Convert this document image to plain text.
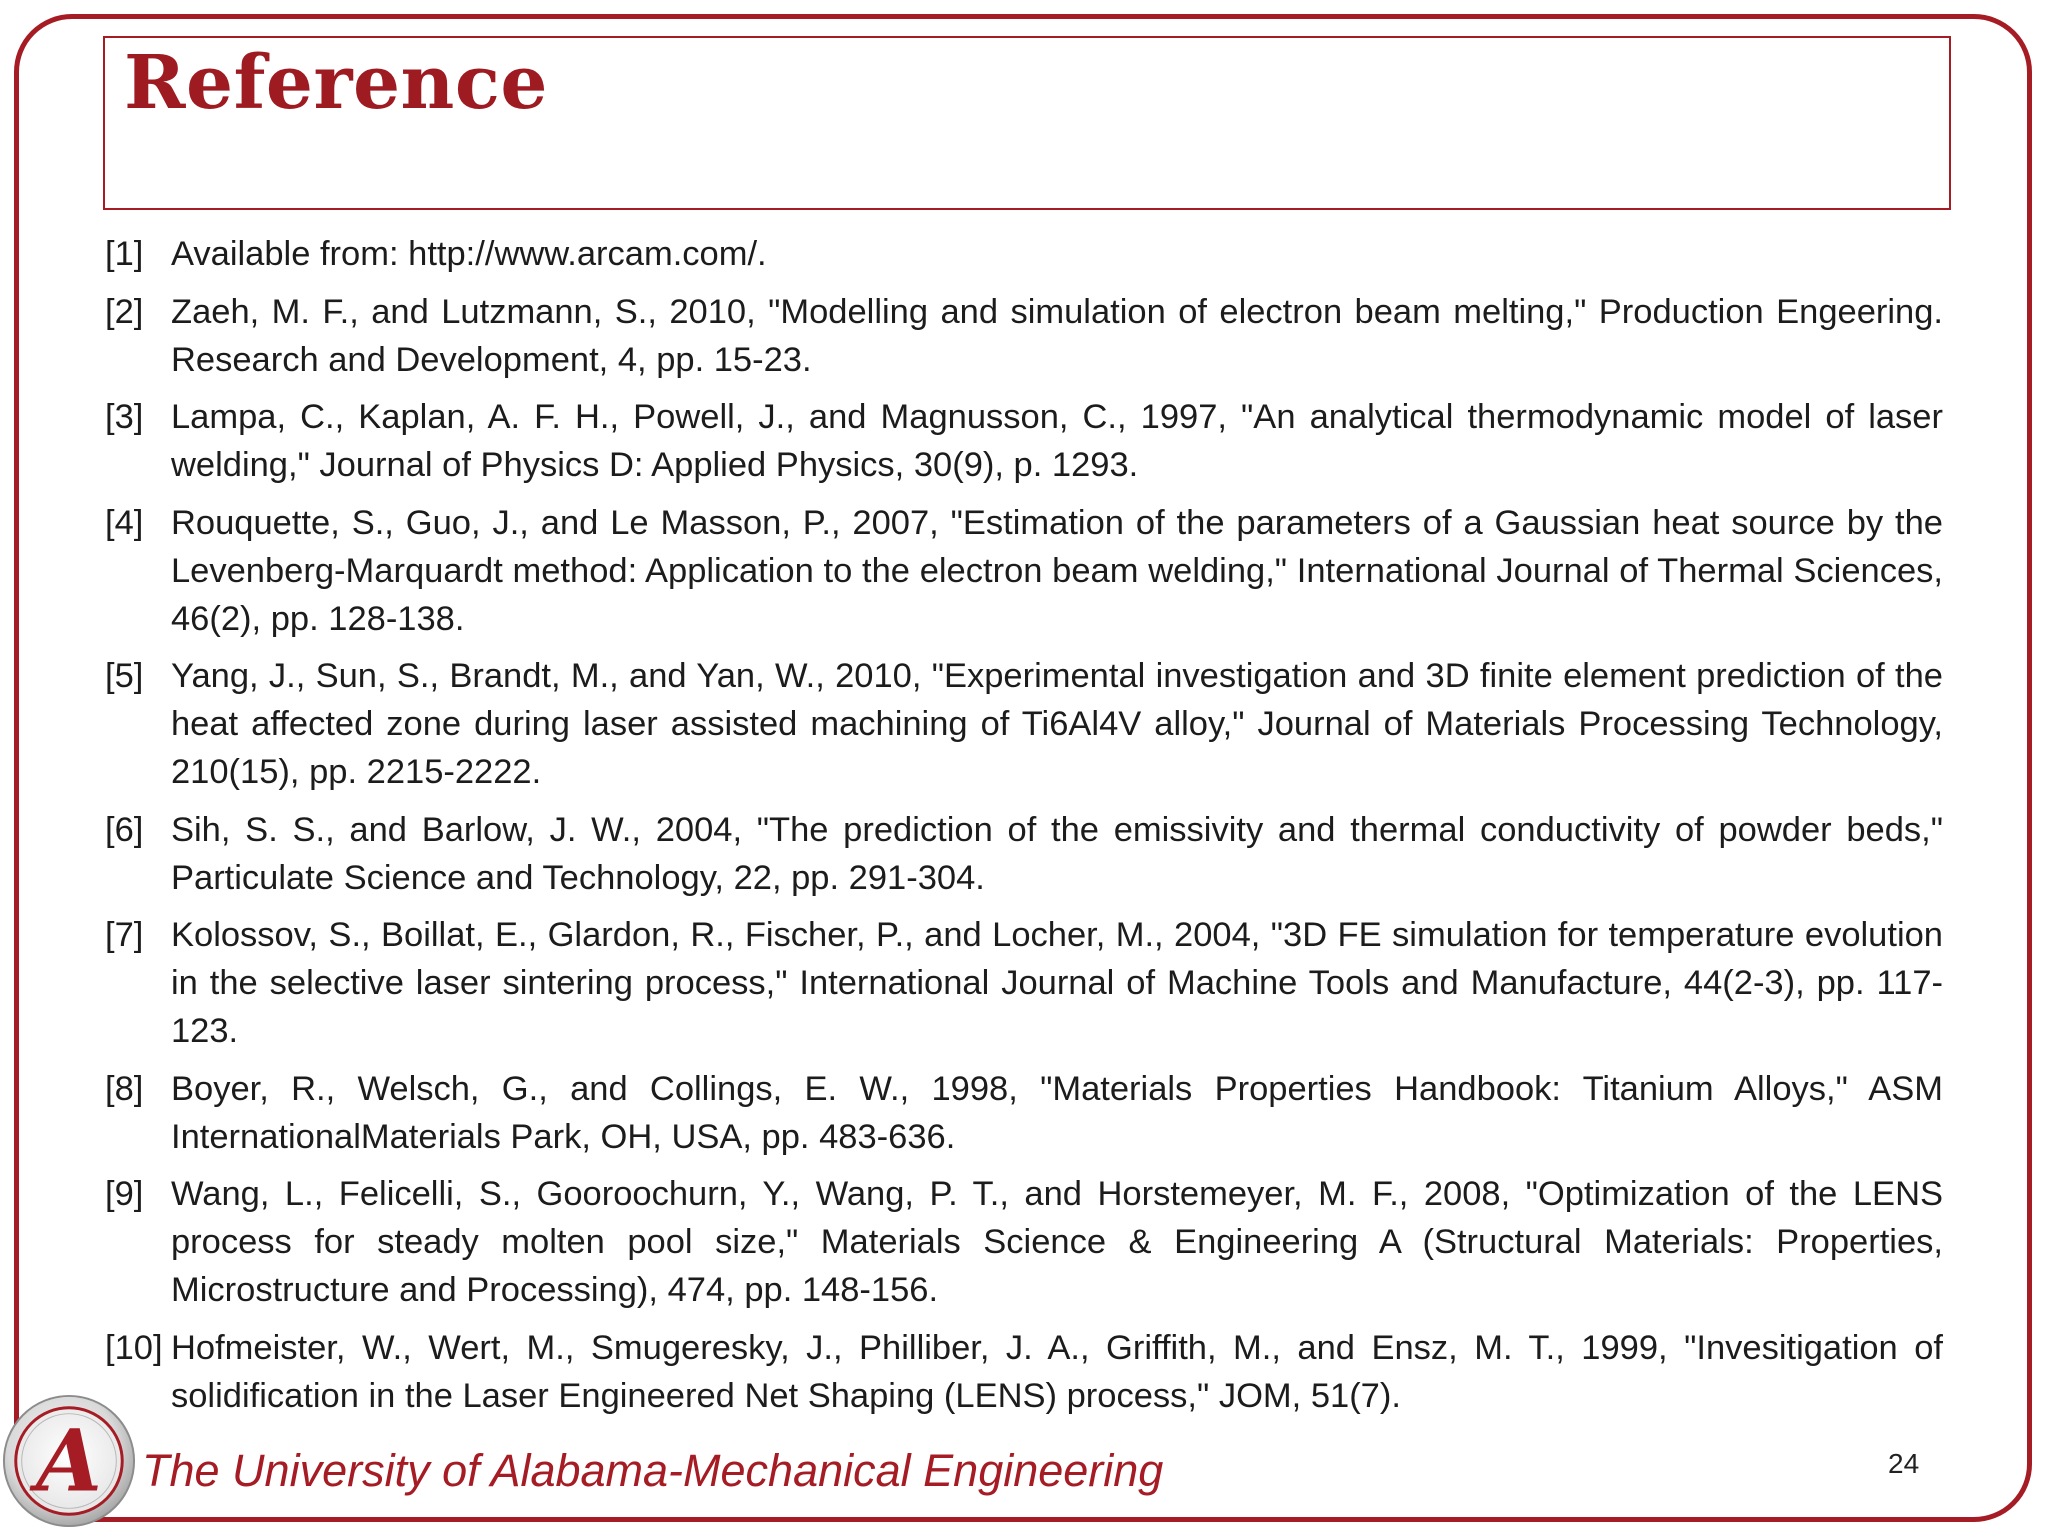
Reference
[1] Available from: http://www.arcam.com/.
[2] Zaeh, M. F., and Lutzmann, S., 2010, "Modelling and simulation of electron beam melting," Production Engeering. Research and Development, 4, pp. 15-23.
[3] Lampa, C., Kaplan, A. F. H., Powell, J., and Magnusson, C., 1997, "An analytical thermodynamic model of laser welding," Journal of Physics D: Applied Physics, 30(9), p. 1293.
[4] Rouquette, S., Guo, J., and Le Masson, P., 2007, "Estimation of the parameters of a Gaussian heat source by the Levenberg-Marquardt method: Application to the electron beam welding," International Journal of Thermal Sciences, 46(2), pp. 128-138.
[5] Yang, J., Sun, S., Brandt, M., and Yan, W., 2010, "Experimental investigation and 3D finite element prediction of the heat affected zone during laser assisted machining of Ti6Al4V alloy," Journal of Materials Processing Technology, 210(15), pp. 2215-2222.
[6] Sih, S. S., and Barlow, J. W., 2004, "The prediction of the emissivity and thermal conductivity of powder beds," Particulate Science and Technology, 22, pp. 291-304.
[7] Kolossov, S., Boillat, E., Glardon, R., Fischer, P., and Locher, M., 2004, "3D FE simulation for temperature evolution in the selective laser sintering process," International Journal of Machine Tools and Manufacture, 44(2-3), pp. 117-123.
[8] Boyer, R., Welsch, G., and Collings, E. W., 1998, "Materials Properties Handbook: Titanium Alloys," ASM InternationalMaterials Park, OH, USA, pp. 483-636.
[9] Wang, L., Felicelli, S., Gooroochurn, Y., Wang, P. T., and Horstemeyer, M. F., 2008, "Optimization of the LENS process for steady molten pool size," Materials Science & Engineering A (Structural Materials: Properties, Microstructure and Processing), 474, pp. 148-156.
[10] Hofmeister, W., Wert, M., Smugeresky, J., Philliber, J. A., Griffith, M., and Ensz, M. T., 1999, "Invesitigation of solidification in the Laser Engineered Net Shaping (LENS) process," JOM, 51(7).
A The University of Alabama-Mechanical Engineering	24
